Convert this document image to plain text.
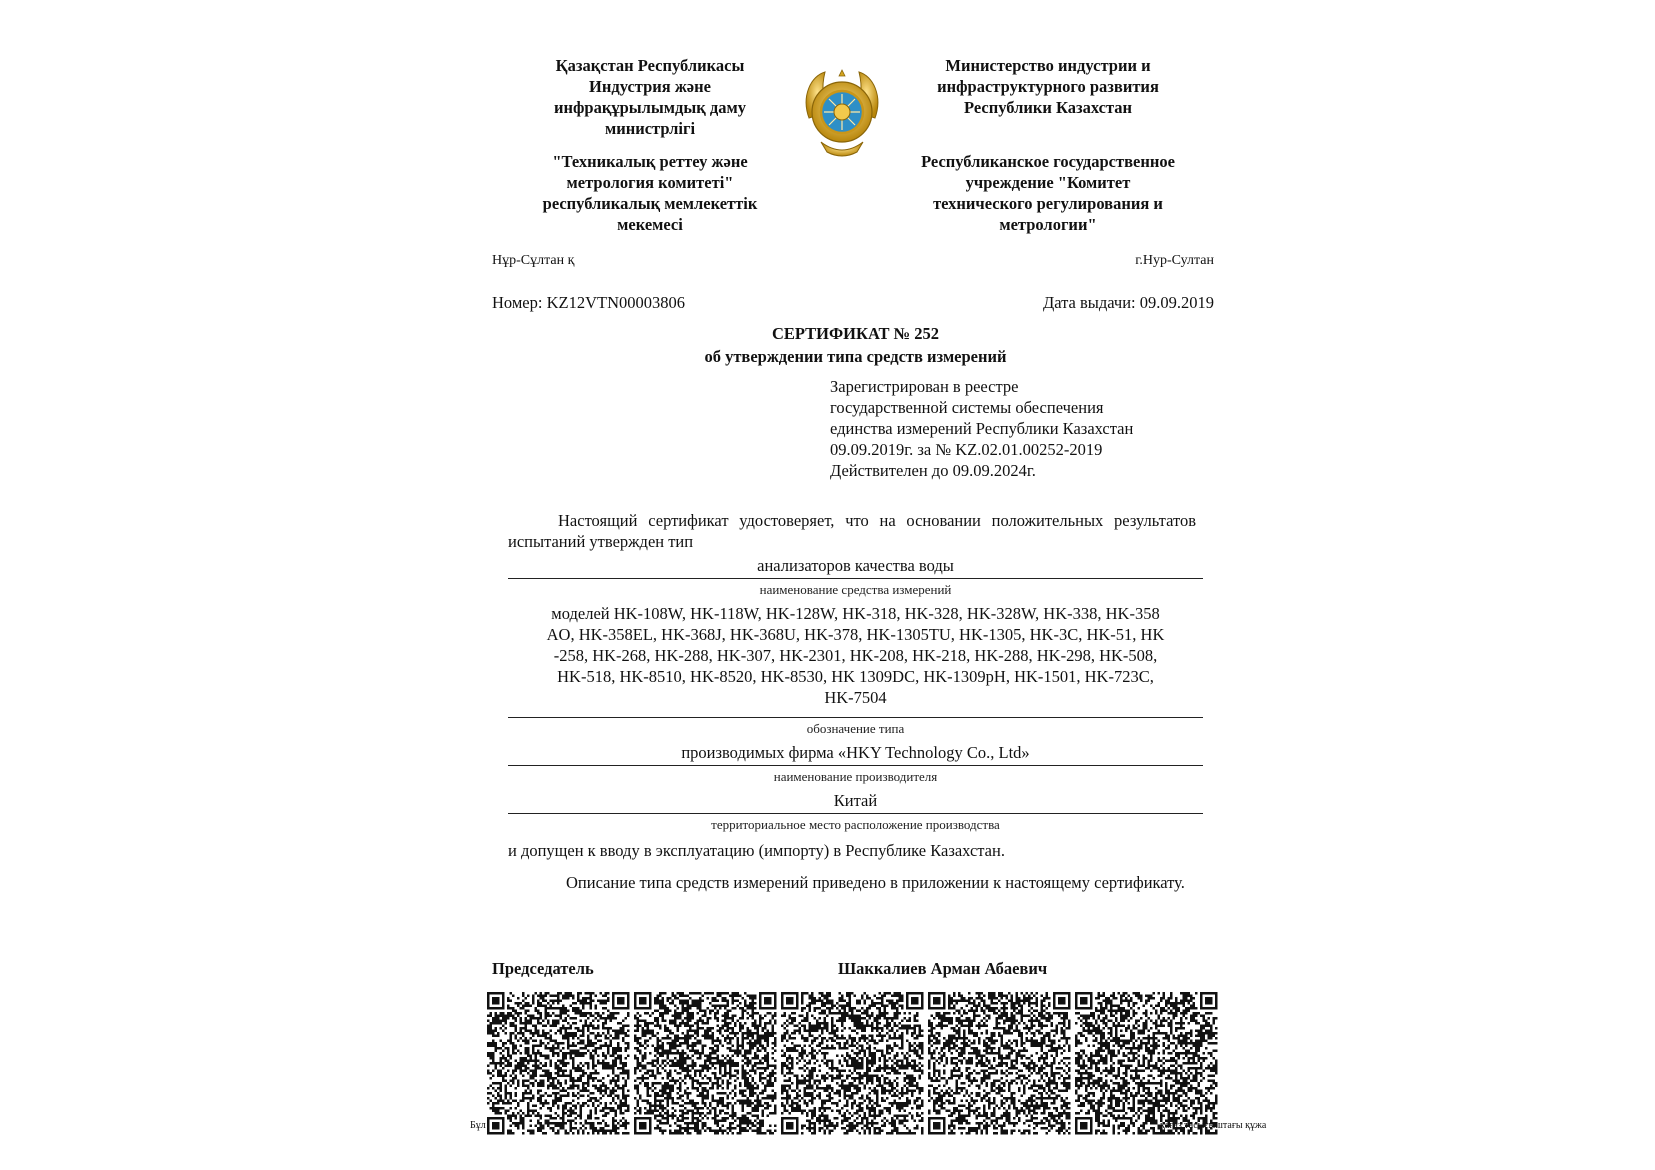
Қазақстан Республикасы

Индустрия және

инфрақұрылымдық даму

министрлігі

"Техникалық реттеу және

метрология комитеті"

республикалық мемлекеттік

мекемесі

Министерство индустрии и

инфраструктурного развития

Республики Казахстан

Республиканское государственное

учреждение "Комитет

технического регулирования и

метрологии"

Нұр-Сұлтан қ	г.Нур-Султан
Номер: KZ12VTN00003806	Дата выдачи: 09.09.2019
СЕРТИФИКАТ № 252
об утверждении типа средств измерений
Зарегистрирован в реестре
государственной системы обеспечения
единства измерений Республики Казахстан
09.09.2019г. за № KZ.02.01.00252-2019
Действителен до 09.09.2024г.
Настоящий сертификат удостоверяет, что на основании положительных результатов испытаний утвержден тип
анализаторов качества воды
наименование средства измерений
моделей HK-108W, HK-118W, HK-128W, HK-318, HK-328, HK-328W, HK-338, HK-358
AO, HK-358EL, HK-368J, HK-368U, HK-378, HK-1305TU, HK-1305, HK-3C, HK-51, HK
-258, HK-268, HK-288, HK-307, HK-2301, HK-208, HK-218, HK-288, HK-298, HK-508,
HK-518, HK-8510, HK-8520, HK-8530, HK 1309DC, HK-1309pH, HK-1501, HK-723C,
HK-7504
обозначение типа
производимых фирма «HKY Technology Co., Ltd»
наименование производителя
Китай
территориальное место расположение производства
и допущен к вводу в эксплуатацию (импорту) в Республике Казахстан.
Описание типа средств измерений приведено в приложении к настоящему сертификату.
Председатель	Шаккалиев Арман Абаевич
Бұл	қағаз тасығыштағы құжа
